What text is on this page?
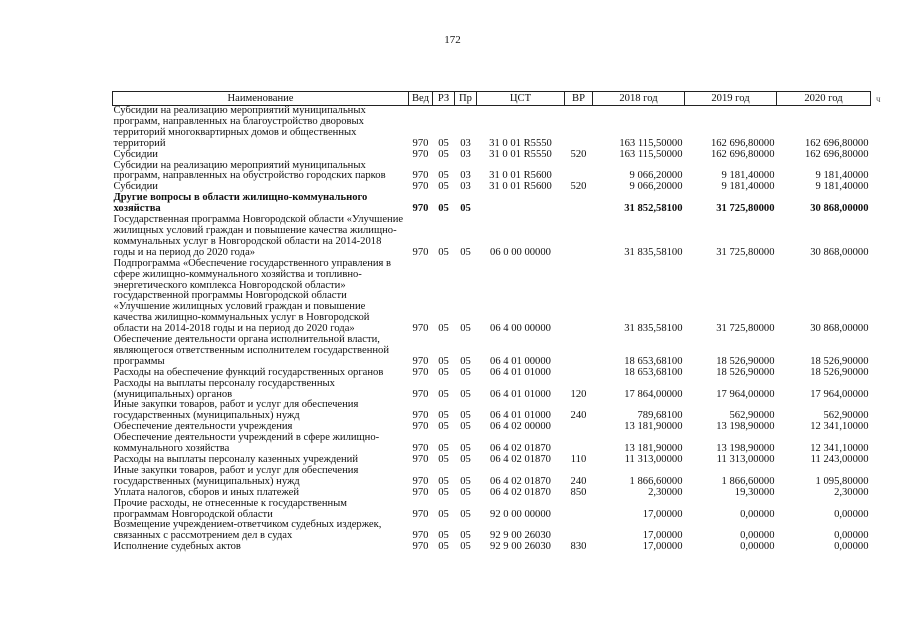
172
ч
Наименование	Вед	РЗ	Пр	ЦСТ	ВР	2018 год	2019 год	2020 год
Субсидии на реализацию мероприятий муниципальных программ, направленных на благоустройство дворовых территорий многоквартирных домов и общественных территорий	970	05	03	31 0 01 R5550		163 115,50000	162 696,80000	162 696,80000
Субсидии	970	05	03	31 0 01 R5550	520	163 115,50000	162 696,80000	162 696,80000
Субсидии на реализацию мероприятий муниципальных программ, направленных на обустройство городских парков	970	05	03	31 0 01 R5600		9 066,20000	9 181,40000	9 181,40000
Субсидии	970	05	03	31 0 01 R5600	520	9 066,20000	9 181,40000	9 181,40000
Другие вопросы в области жилищно-коммунального хозяйства	970	05	05			31 852,58100	31 725,80000	30 868,00000
Государственная программа Новгородской области «Улучшение жилищных условий граждан и повышение качества жилищно-коммунальных услуг в Новгородской области на 2014-2018 годы и на период до 2020 года»	970	05	05	06 0 00 00000		31 835,58100	31 725,80000	30 868,00000
Подпрограмма «Обеспечение государственного управления в сфере жилищно-коммунального хозяйства и топливно-энергетического комплекса Новгородской области» государственной программы Новгородской области «Улучшение жилищных условий граждан и повышение качества жилищно-коммунальных услуг в Новгородской области на 2014-2018 годы и на период до 2020 года»	970	05	05	06 4 00 00000		31 835,58100	31 725,80000	30 868,00000
Обеспечение деятельности органа исполнительной власти, являющегося ответственным исполнителем государственной программы	970	05	05	06 4 01 00000		18 653,68100	18 526,90000	18 526,90000
Расходы на обеспечение функций государственных органов	970	05	05	06 4 01 01000		18 653,68100	18 526,90000	18 526,90000
Расходы на выплаты персоналу государственных (муниципальных) органов	970	05	05	06 4 01 01000	120	17 864,00000	17 964,00000	17 964,00000
Иные закупки товаров, работ и услуг для обеспечения государственных (муниципальных) нужд	970	05	05	06 4 01 01000	240	789,68100	562,90000	562,90000
Обеспечение деятельности учреждения	970	05	05	06 4 02 00000		13 181,90000	13 198,90000	12 341,10000
Обеспечение деятельности учреждений в сфере жилищно-коммунального хозяйства	970	05	05	06 4 02 01870		13 181,90000	13 198,90000	12 341,10000
Расходы на выплаты персоналу казенных учреждений	970	05	05	06 4 02 01870	110	11 313,00000	11 313,00000	11 243,00000
Иные закупки товаров, работ и услуг для обеспечения государственных (муниципальных) нужд	970	05	05	06 4 02 01870	240	1 866,60000	1 866,60000	1 095,80000
Уплата налогов, сборов и иных платежей	970	05	05	06 4 02 01870	850	2,30000	19,30000	2,30000
Прочие расходы, не отнесенные к государственным программам Новгородской области	970	05	05	92 0 00 00000		17,00000	0,00000	0,00000
Возмещение учреждением-ответчиком судебных издержек, связанных с рассмотрением дел в судах	970	05	05	92 9 00 26030		17,00000	0,00000	0,00000
Исполнение судебных актов	970	05	05	92 9 00 26030	830	17,00000	0,00000	0,00000
